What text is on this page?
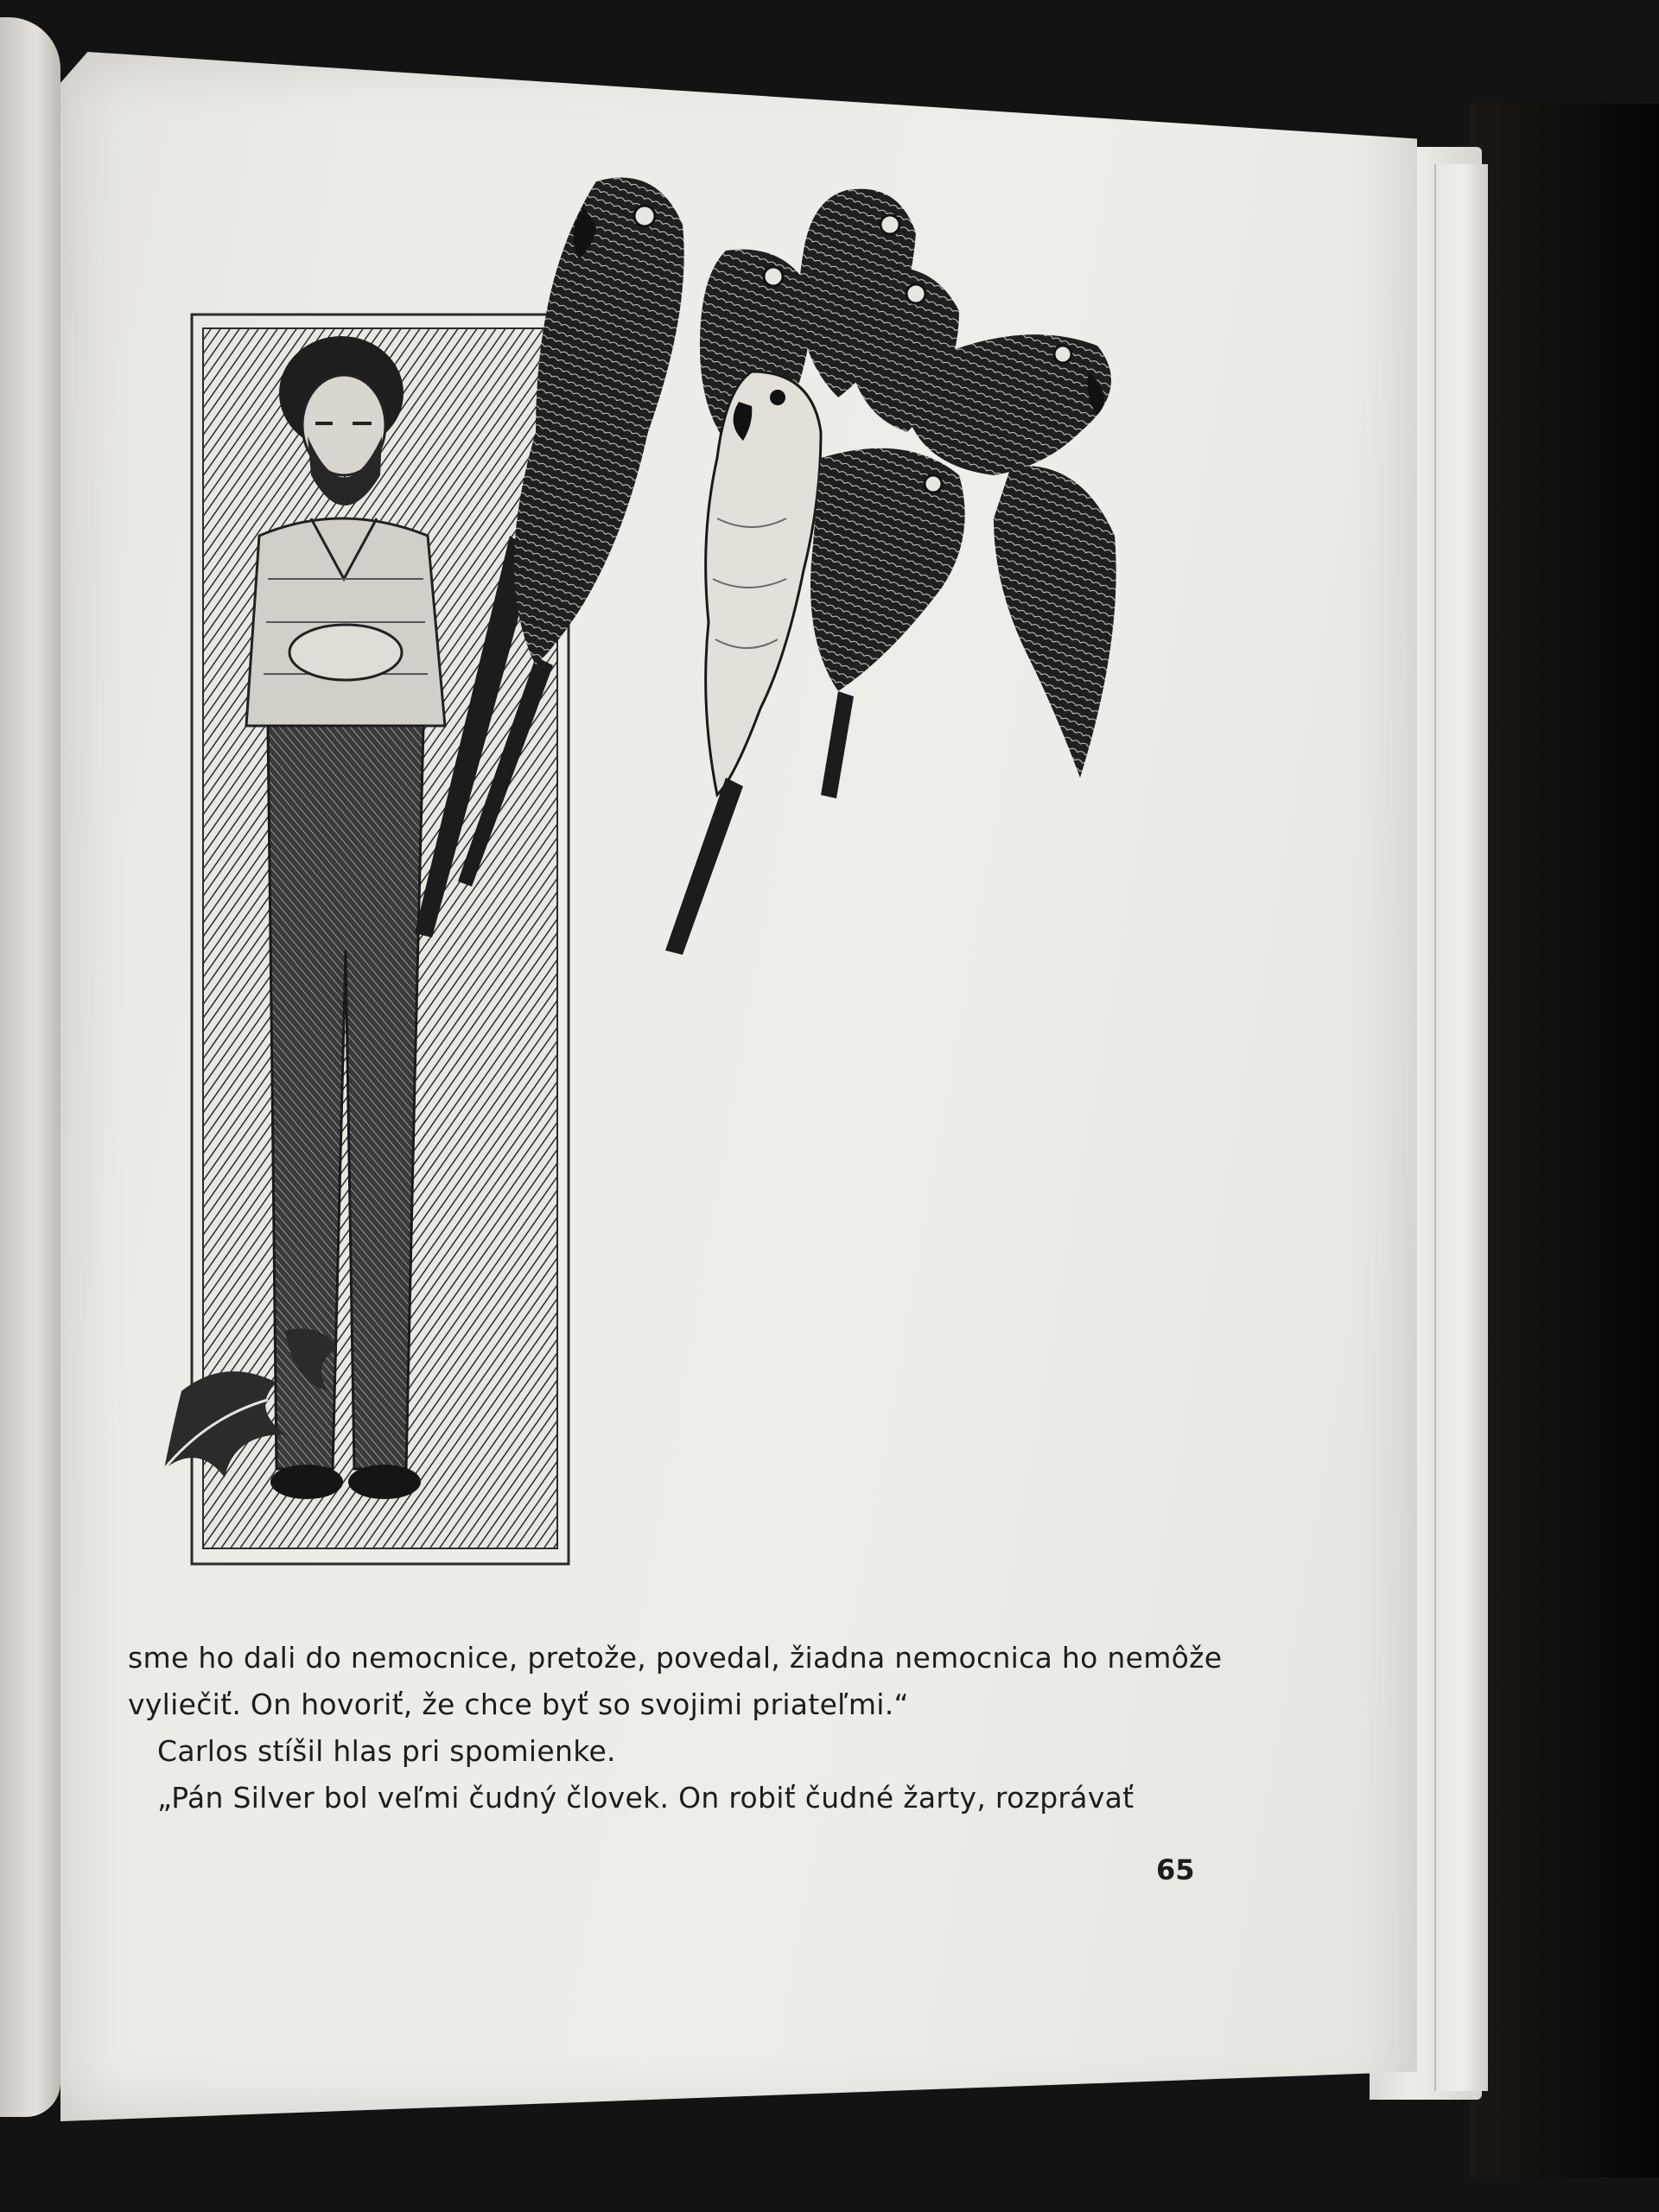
sme ho dali do nemocnice, pretože, povedal, žiadna nemocnica ho nemôže
vyliečiť. On hovoriť, že chce byť so svojimi priateľmi.“
Carlos stíšil hlas pri spomienke.
„Pán Silver bol veľmi čudný človek. On robiť čudné žarty, rozprávať
65
